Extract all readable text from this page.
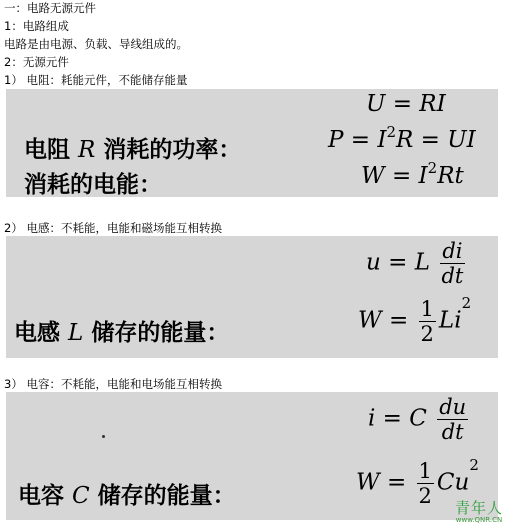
一：电路无源元件
1：电路组成
电路是由电源、负载、导线组成的。
2：无源元件
1） 电阻：耗能元件，不能储存能量
U = RI
电阻 R 消耗的功率：	$P = I^2R$ = UI
消耗的电能：	$W = I^2Rt$
2） 电感：不耗能，电能和磁场能互相转换
u = L $\frac{di}{dt}$
电感 L 储存的能量：	$W = \frac{1}{2} Li^2$
3） 电容：不耗能，电能和电场能互相转换
i = C $\frac{du}{dt}$
电容 C 储存的能量：	$W = \frac{1}{2} Cu^2$
青年人
www.QNR.CN
